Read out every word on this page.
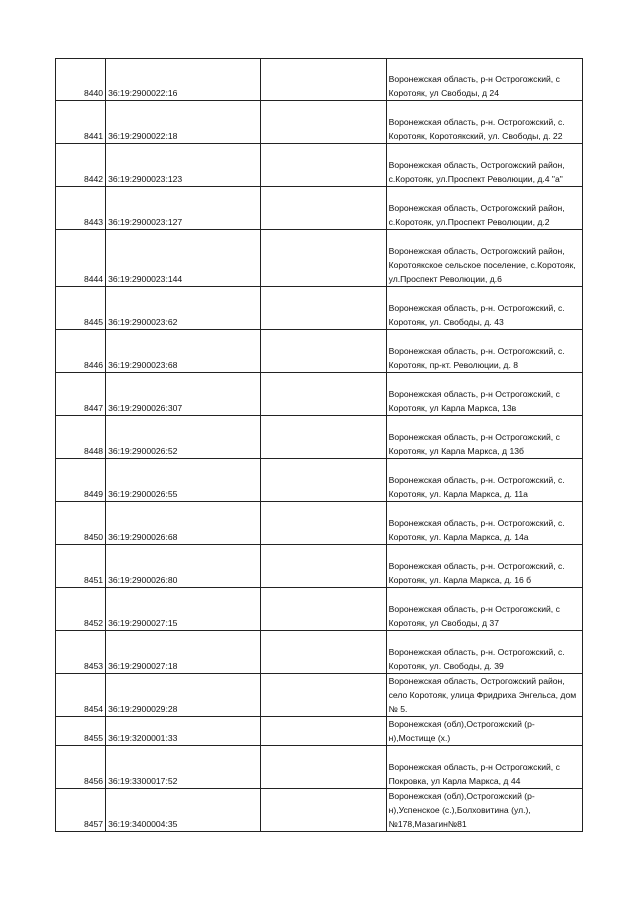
8440	36:19:2900022:16		Воронежская область, р-н Острогожский, с Коротояк, ул Свободы, д 24
8441	36:19:2900022:18		Воронежская область, р-н. Острогожский, с. Коротояк, Коротоякский, ул. Свободы, д. 22
8442	36:19:2900023:123		Воронежская область, Острогожский район, с.Коротояк, ул.Проспект Революции, д.4 "а"
8443	36:19:2900023:127		Воронежская область, Острогожский район, с.Коротояк, ул.Проспект Революции, д.2
8444	36:19:2900023:144		Воронежская область, Острогожский район, Коротоякское сельское поселение, с.Коротояк, ул.Проспект Революции, д.6
8445	36:19:2900023:62		Воронежская область, р-н. Острогожский, с. Коротояк, ул. Свободы, д. 43
8446	36:19:2900023:68		Воронежская область, р-н. Острогожский, с. Коротояк, пр-кт. Революции, д. 8
8447	36:19:2900026:307		Воронежская область, р-н Острогожский, с Коротояк, ул Карла Маркса, 13в
8448	36:19:2900026:52		Воронежская область, р-н Острогожский, с Коротояк, ул Карла Маркса, д 13б
8449	36:19:2900026:55		Воронежская область, р-н. Острогожский, с. Коротояк, ул. Карла Маркса, д. 11а
8450	36:19:2900026:68		Воронежская область, р-н. Острогожский, с. Коротояк, ул. Карла Маркса, д. 14а
8451	36:19:2900026:80		Воронежская область, р-н. Острогожский, с. Коротояк, ул. Карла Маркса, д. 16 б
8452	36:19:2900027:15		Воронежская область, р-н Острогожский, с Коротояк, ул Свободы, д 37
8453	36:19:2900027:18		Воронежская область, р-н. Острогожский, с. Коротояк, ул. Свободы, д. 39
8454	36:19:2900029:28		Воронежская область, Острогожский район, село Коротояк, улица Фридриха Энгельса, дом № 5.
8455	36:19:3200001:33		Воронежская (обл),Острогожский (р-н),Мостище (х.)
8456	36:19:3300017:52		Воронежская область, р-н Острогожский, с Покровка, ул Карла Маркса, д 44
8457	36:19:3400004:35		Воронежская (обл),Острогожский (р-н),Успенское (с.),Болховитина (ул.),№178,Мазагин№81
